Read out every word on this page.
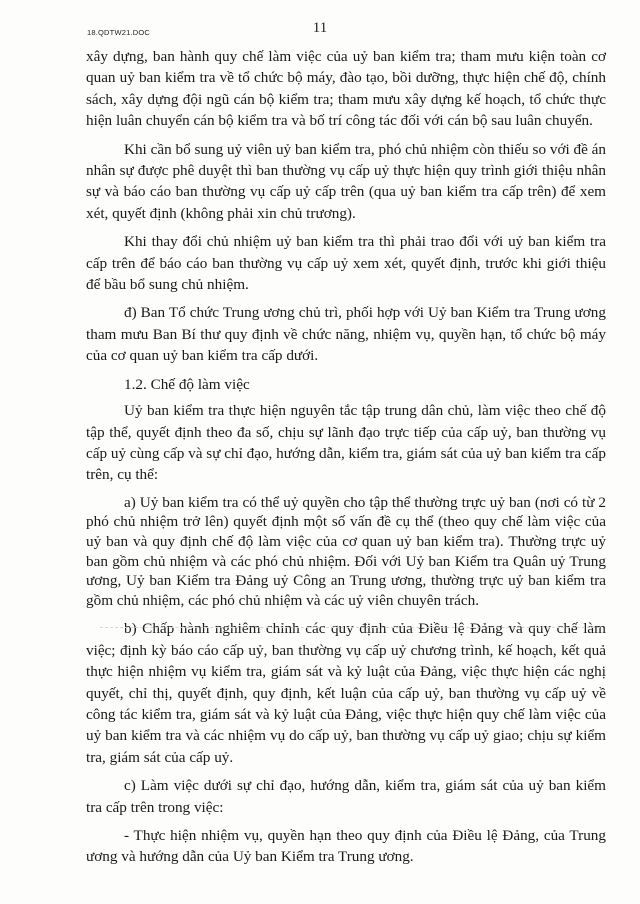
18.QDTW21.DOC	11

xây dựng, ban hành quy chế làm việc của uỷ ban kiểm tra; tham mưu kiện toàn cơ quan uỷ ban kiểm tra về tổ chức bộ máy, đào tạo, bồi dưỡng, thực hiện chế độ, chính sách, xây dựng đội ngũ cán bộ kiểm tra; tham mưu xây dựng kế hoạch, tổ chức thực hiện luân chuyển cán bộ kiểm tra và bố trí công tác đối với cán bộ sau luân chuyển.

Khi cần bổ sung uỷ viên uỷ ban kiểm tra, phó chủ nhiệm còn thiếu so với đề án nhân sự được phê duyệt thì ban thường vụ cấp uỷ thực hiện quy trình giới thiệu nhân sự và báo cáo ban thường vụ cấp uỷ cấp trên (qua uỷ ban kiểm tra cấp trên) để xem xét, quyết định (không phải xin chủ trương).

Khi thay đổi chủ nhiệm uỷ ban kiểm tra thì phải trao đổi với uỷ ban kiểm tra cấp trên để báo cáo ban thường vụ cấp uỷ xem xét, quyết định, trước khi giới thiệu để bầu bổ sung chủ nhiệm.

đ) Ban Tổ chức Trung ương chủ trì, phối hợp với Uỷ ban Kiểm tra Trung ương tham mưu Ban Bí thư quy định về chức năng, nhiệm vụ, quyền hạn, tổ chức bộ máy của cơ quan uỷ ban kiểm tra cấp dưới.

1.2. Chế độ làm việc

Uỷ ban kiểm tra thực hiện nguyên tắc tập trung dân chủ, làm việc theo chế độ tập thể, quyết định theo đa số, chịu sự lãnh đạo trực tiếp của cấp uỷ, ban thường vụ cấp uỷ cùng cấp và sự chỉ đạo, hướng dẫn, kiểm tra, giám sát của uỷ ban kiểm tra cấp trên, cụ thể:

a) Uỷ ban kiểm tra có thể uỷ quyền cho tập thể thường trực uỷ ban (nơi có từ 2 phó chủ nhiệm trở lên) quyết định một số vấn đề cụ thể (theo quy chế làm việc của uỷ ban và quy định chế độ làm việc của cơ quan uỷ ban kiểm tra). Thường trực uỷ ban gồm chủ nhiệm và các phó chủ nhiệm. Đối với Uỷ ban Kiểm tra Quân uỷ Trung ương, Uỷ ban Kiểm tra Đảng uỷ Công an Trung ương, thường trực uỷ ban kiểm tra gồm chủ nhiệm, các phó chủ nhiệm và các uỷ viên chuyên trách.

b) Chấp hành nghiêm chỉnh các quy định của Điều lệ Đảng và quy chế làm việc; định kỳ báo cáo cấp uỷ, ban thường vụ cấp uỷ chương trình, kế hoạch, kết quả thực hiện nhiệm vụ kiểm tra, giám sát và kỷ luật của Đảng, việc thực hiện các nghị quyết, chỉ thị, quyết định, quy định, kết luận của cấp uỷ, ban thường vụ cấp uỷ về công tác kiểm tra, giám sát và kỷ luật của Đảng, việc thực hiện quy chế làm việc của uỷ ban kiểm tra và các nhiệm vụ do cấp uỷ, ban thường vụ cấp uỷ giao; chịu sự kiểm tra, giám sát của cấp uỷ.

c) Làm việc dưới sự chỉ đạo, hướng dẫn, kiểm tra, giám sát của uỷ ban kiểm tra cấp trên trong việc:

- Thực hiện nhiệm vụ, quyền hạn theo quy định của Điều lệ Đảng, của Trung ương và hướng dẫn của Uỷ ban Kiểm tra Trung ương.
